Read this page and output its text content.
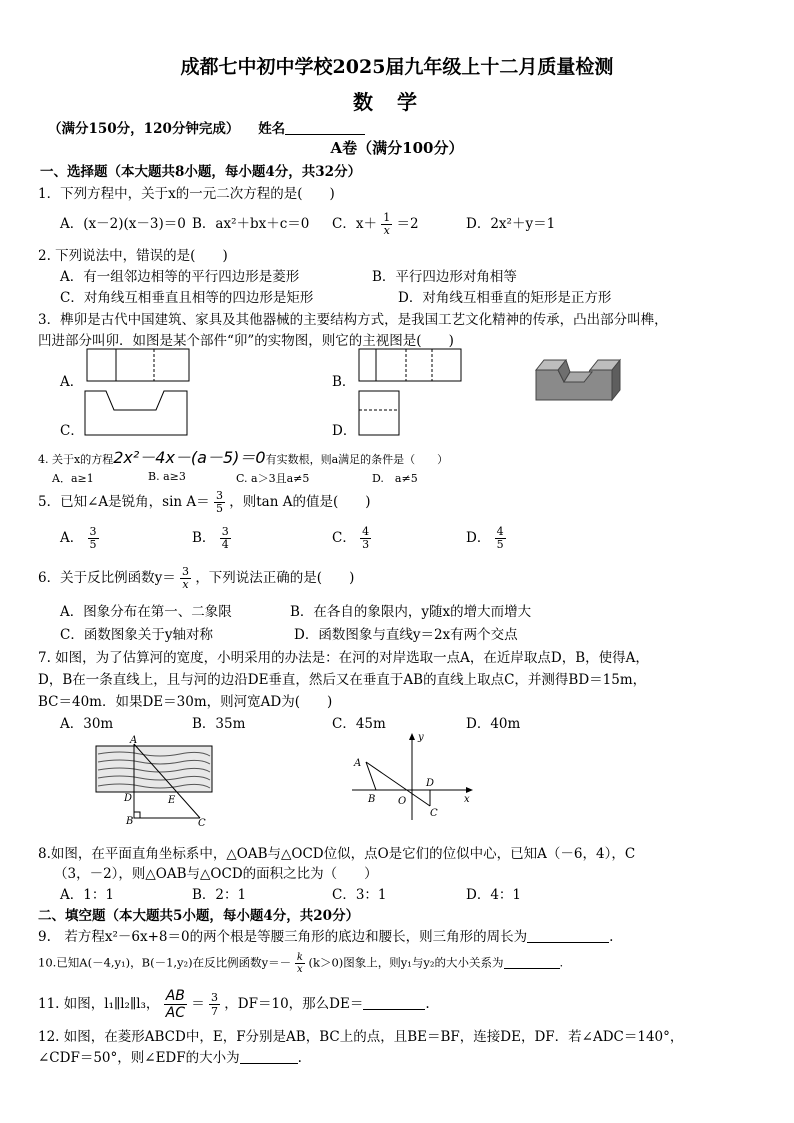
成都七中初中学校2025届九年级上十二月质量检测
数学
（满分150分，120分钟完成） 姓名
A卷（满分100分）
一、选择题（本大题共8小题，每小题4分，共32分）
1．下列方程中，关于x的一元二次方程的是(　　)
A．(x－2)(x－3)＝0 B．ax²＋bx＋c＝0 C．$x+ \frac{1}{x} =2$	D．2x²＋y＝1
2. 下列说法中，错误的是(　　)
A．有一组邻边相等的平行四边形是菱形	B．平行四边形对角相等
C．对角线互相垂直且相等的四边形是矩形	D．对角线互相垂直的矩形是正方形
3．榫卯是古代中国建筑、家具及其他器械的主要结构方式，是我国工艺文化精神的传承，凸出部分叫榫，
凹进部分叫卯．如图是某个部件“卯”的实物图，则它的主视图是(　　)
A．	B．
C．	D．
4. 关于x的方程2x²－4x－(a－5)＝0有实数根，则a满足的条件是（　　）
A．a≥1	B. a≥3	C. a＞3且a≠5	D.　a≠5
5．已知∠A是锐角，$\sin A= \frac{3}{5}$ ，则tan A的值是(　　)
A． $\frac{3}{5}$	B． $\frac{3}{4}$	C． $\frac{4}{3}$	D． $\frac{4}{5}$
6．关于反比例函数$y= \frac{3}{x}$ ，下列说法正确的是(　　)
A．图象分布在第一、二象限	B．在各自的象限内，y随x的增大而增大
C．函数图象关于y轴对称	D．函数图象与直线y＝2x有两个交点
7. 如图，为了估算河的宽度，小明采用的办法是：在河的对岸选取一点A，在近岸取点D，B，使得A，
D，B在一条直线上，且与河的边沿DE垂直，然后又在垂直于AB的直线上取点C，并测得BD＝15m，
BC＝40m．如果DE＝30m，则河宽AD为(　　)
A．30m	B．35m	C．45m	D．40m
A
D	E
B	C
y
x
A
B O
D
C
8.如图，在平面直角坐标系中，△OAB与△OCD位似，点O是它们的位似中心，已知A（－6，4），C
（3，－2），则△OAB与△OCD的面积之比为（　　）
A．1：1	B．2：1	C．3：1	D．4：1
二、填空题（本大题共5小题，每小题4分，共20分）
9.　若方程x²－6x+8＝0的两个根是等腰三角形的底边和腰长，则三角形的周长为	.
10.已知A(－4,y₁)，B(－1,y₂)在反比例函数$y=- \frac{k}{x} (k>0)$图象上，则y₁与y₂的大小关系为	.
11. 如图，l₁∥l₂∥l₃， $\frac{AB}{AC} = \frac{3}{7}$ ，DF＝10，那么DE＝	.
12. 如图，在菱形ABCD中，E，F分别是AB，BC上的点，且BE＝BF，连接DE，DF．若∠ADC＝140°，
∠CDF＝50°，则∠EDF的大小为	.
